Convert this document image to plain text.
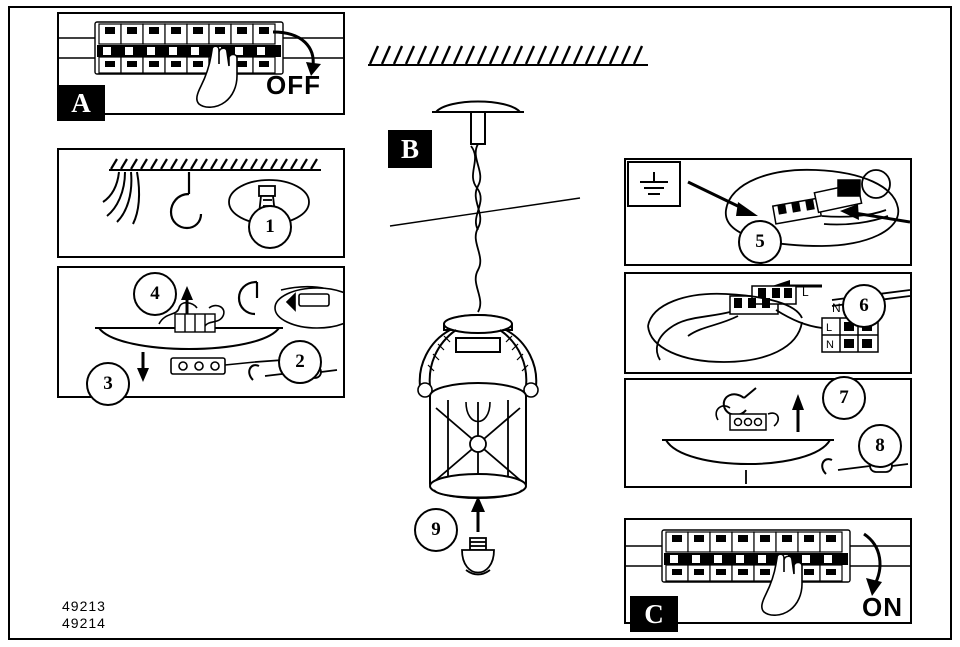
A
OFF
1
4
2
3
B
9
5
L
N
L
N
6
7
8
C	ON
49213
49214
